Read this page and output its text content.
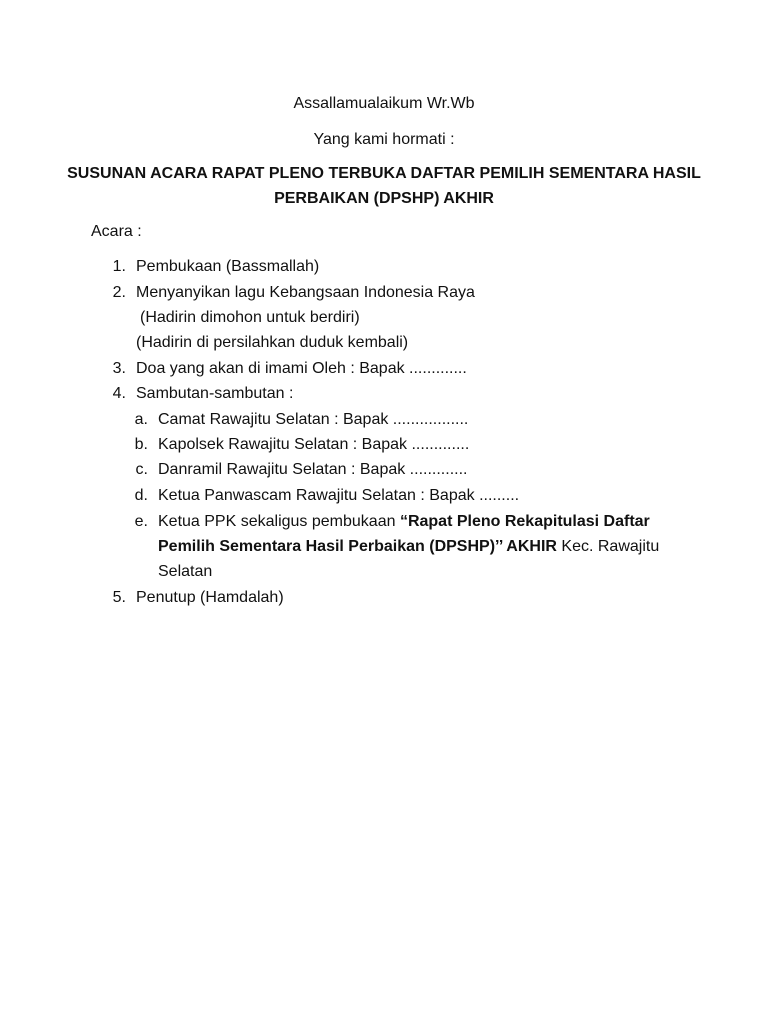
Assallamualaikum Wr.Wb
Yang kami hormati :
SUSUNAN ACARA RAPAT PLENO TERBUKA DAFTAR PEMILIH SEMENTARA HASIL
PERBAIKAN (DPSHP) AKHIR
Acara :
1. Pembukaan (Bassmallah)
2. Menyanyikan lagu Kebangsaan Indonesia Raya
(Hadirin dimohon untuk berdiri)
(Hadirin di persilahkan duduk kembali)
3. Doa yang akan di imami Oleh : Bapak .............
4. Sambutan-sambutan :
a. Camat Rawajitu Selatan : Bapak .................
b. Kapolsek Rawajitu Selatan : Bapak .............
c. Danramil Rawajitu Selatan : Bapak .............
d. Ketua Panwascam Rawajitu Selatan : Bapak .........
e. Ketua PPK sekaligus pembukaan “Rapat Pleno Rekapitulasi Daftar
Pemilih Sementara Hasil Perbaikan (DPSHP)’’ AKHIR Kec. Rawajitu
Selatan
5. Penutup (Hamdalah)
